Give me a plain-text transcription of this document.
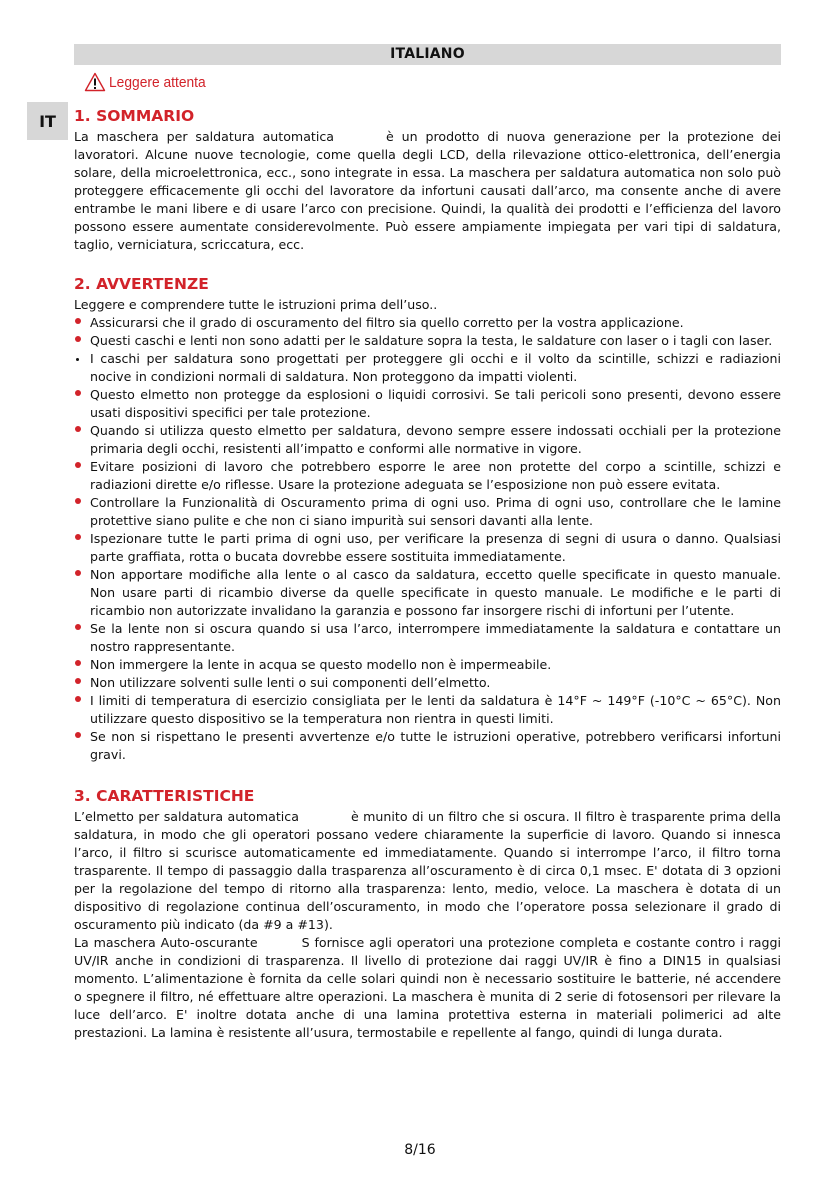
ITALIANO
Leggere attenta
IT 1. SOMMARIO

La maschera per saldatura automatica	è un prodotto di nuova generazione per la protezione dei lavoratori. Alcune nuove tecnologie, come quella degli LCD, della rilevazione ottico-elettronica, dell’energia solare, della microelettronica, ecc., sono integrate in essa. La maschera per saldatura automatica non solo può proteggere efficacemente gli occhi del lavoratore da infortuni causati dall’arco, ma consente anche di avere entrambe le mani libere e di usare l’arco con precisione. Quindi, la qualità dei prodotti e l’efficienza del lavoro possono essere aumentate considerevolmente. Può essere ampiamente impiegata per vari tipi di saldatura, taglio, verniciatura, scriccatura, ecc.

2. AVVERTENZE

Leggere e comprendere tutte le istruzioni prima dell’uso..

Assicurarsi che il grado di oscuramento del filtro sia quello corretto per la vostra applicazione.
Questi caschi e lenti non sono adatti per le saldature sopra la testa, le saldature con laser o i tagli con laser.
I caschi per saldatura sono progettati per proteggere gli occhi e il volto da scintille, schizzi e radiazioni nocive in condizioni normali di saldatura. Non proteggono da impatti violenti.
Questo elmetto non protegge da esplosioni o liquidi corrosivi. Se tali pericoli sono presenti, devono essere usati dispositivi specifici per tale protezione.
Quando si utilizza questo elmetto per saldatura, devono sempre essere indossati occhiali per la protezione primaria degli occhi, resistenti all’impatto e conformi alle normative in vigore.
Evitare posizioni di lavoro che potrebbero esporre le aree non protette del corpo a scintille, schizzi e radiazioni dirette e/o riflesse. Usare la protezione adeguata se l’esposizione non può essere evitata.
Controllare la Funzionalità di Oscuramento prima di ogni uso. Prima di ogni uso, controllare che le lamine protettive siano pulite e che non ci siano impurità sui sensori davanti alla lente.
Ispezionare tutte le parti prima di ogni uso, per verificare la presenza di segni di usura o danno. Qualsiasi parte graffiata, rotta o bucata dovrebbe essere sostituita immediatamente.
Non apportare modifiche alla lente o al casco da saldatura, eccetto quelle specificate in questo manuale. Non usare parti di ricambio diverse da quelle specificate in questo manuale. Le modifiche e le parti di ricambio non autorizzate invalidano la garanzia e possono far insorgere rischi di infortuni per l’utente.
Se la lente non si oscura quando si usa l’arco, interrompere immediatamente la saldatura e contattare un nostro rappresentante.
Non immergere la lente in acqua se questo modello non è impermeabile.
Non utilizzare solventi sulle lenti o sui componenti dell’elmetto.
I limiti di temperatura di esercizio consigliata per le lenti da saldatura è 14°F ~ 149°F (-10°C ~ 65°C). Non utilizzare questo dispositivo se la temperatura non rientra in questi limiti.
Se non si rispettano le presenti avvertenze e/o tutte le istruzioni operative, potrebbero verificarsi infortuni gravi.
3. CARATTERISTICHE

L’elmetto per saldatura automatica	è munito di un filtro che si oscura. Il filtro è trasparente prima della saldatura, in modo che gli operatori possano vedere chiaramente la superficie di lavoro. Quando si innesca l’arco, il filtro si scurisce automaticamente ed immediatamente. Quando si interrompe l’arco, il filtro torna trasparente. Il tempo di passaggio dalla trasparenza all’oscuramento è di circa 0,1 msec. E' dotata di 3 opzioni per la regolazione del tempo di ritorno alla trasparenza: lento, medio, veloce. La maschera è dotata di un dispositivo di regolazione continua dell’oscuramento, in modo che l’operatore possa selezionare il grado di oscuramento più indicato (da #9 a #13).

La maschera Auto-oscurante	S fornisce agli operatori una protezione completa e costante contro i raggi UV/IR anche in condizioni di trasparenza. Il livello di protezione dai raggi UV/IR è fino a DIN15 in qualsiasi momento. L’alimentazione è fornita da celle solari quindi non è necessario sostituire le batterie, né accendere o spegnere il filtro, né effettuare altre operazioni. La maschera è munita di 2 serie di fotosensori per rilevare la luce dell’arco. E' inoltre dotata anche di una lamina protettiva esterna in materiali polimerici ad alte prestazioni. La lamina è resistente all’usura, termostabile e repellente al fango, quindi di lunga durata.

8/16
